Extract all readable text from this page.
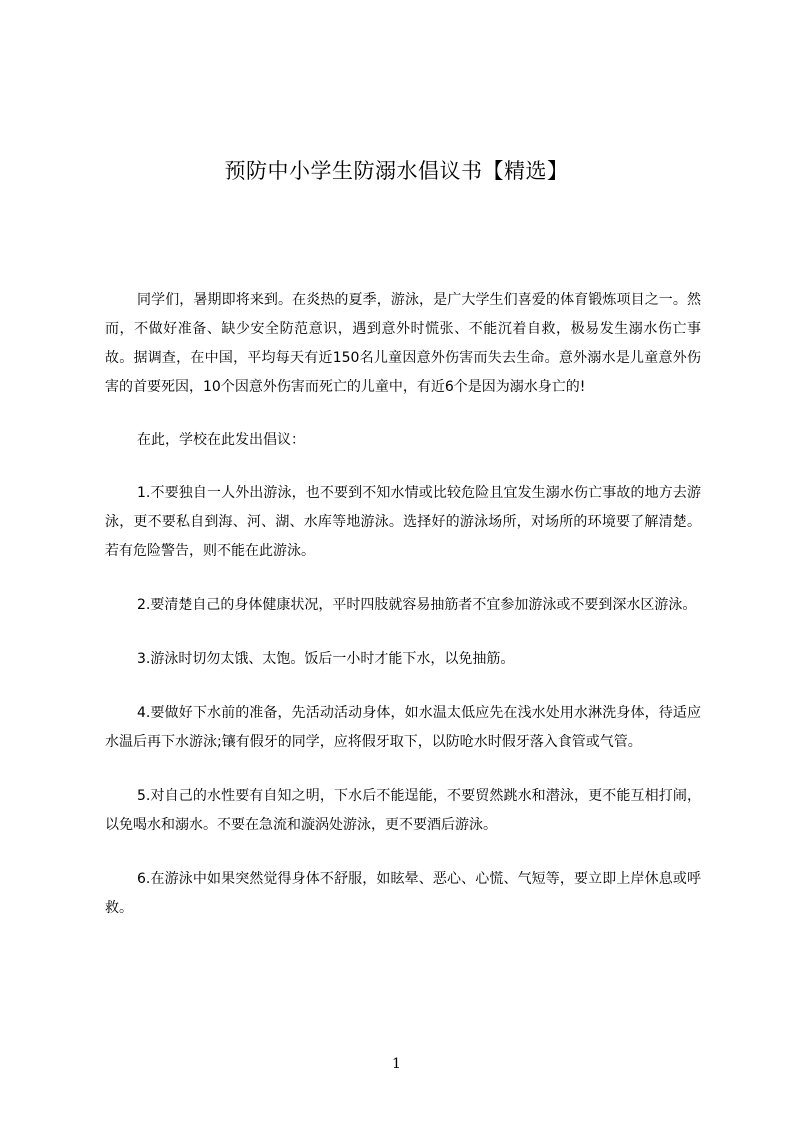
预防中小学生防溺水倡议书【精选】

同学们，暑期即将来到。在炎热的夏季，游泳，是广大学生们喜爱的体育锻炼项目之一。然而，不做好准备、缺少安全防范意识，遇到意外时慌张、不能沉着自救，极易发生溺水伤亡事故。据调查，在中国，平均每天有近150名儿童因意外伤害而失去生命。意外溺水是儿童意外伤害的首要死因，10个因意外伤害而死亡的儿童中，有近6个是因为溺水身亡的!

在此，学校在此发出倡议：

1.不要独自一人外出游泳，也不要到不知水情或比较危险且宜发生溺水伤亡事故的地方去游泳，更不要私自到海、河、湖、水库等地游泳。选择好的游泳场所，对场所的环境要了解清楚。若有危险警告，则不能在此游泳。

2.要清楚自己的身体健康状况，平时四肢就容易抽筋者不宜参加游泳或不要到深水区游泳。

3.游泳时切勿太饿、太饱。饭后一小时才能下水，以免抽筋。

4.要做好下水前的准备，先活动活动身体，如水温太低应先在浅水处用水淋洗身体，待适应水温后再下水游泳;镶有假牙的同学，应将假牙取下，以防呛水时假牙落入食管或气管。

5.对自己的水性要有自知之明，下水后不能逞能，不要贸然跳水和潜泳，更不能互相打闹，以免喝水和溺水。不要在急流和漩涡处游泳，更不要酒后游泳。

6.在游泳中如果突然觉得身体不舒服，如眩晕、恶心、心慌、气短等，要立即上岸休息或呼救。

1
